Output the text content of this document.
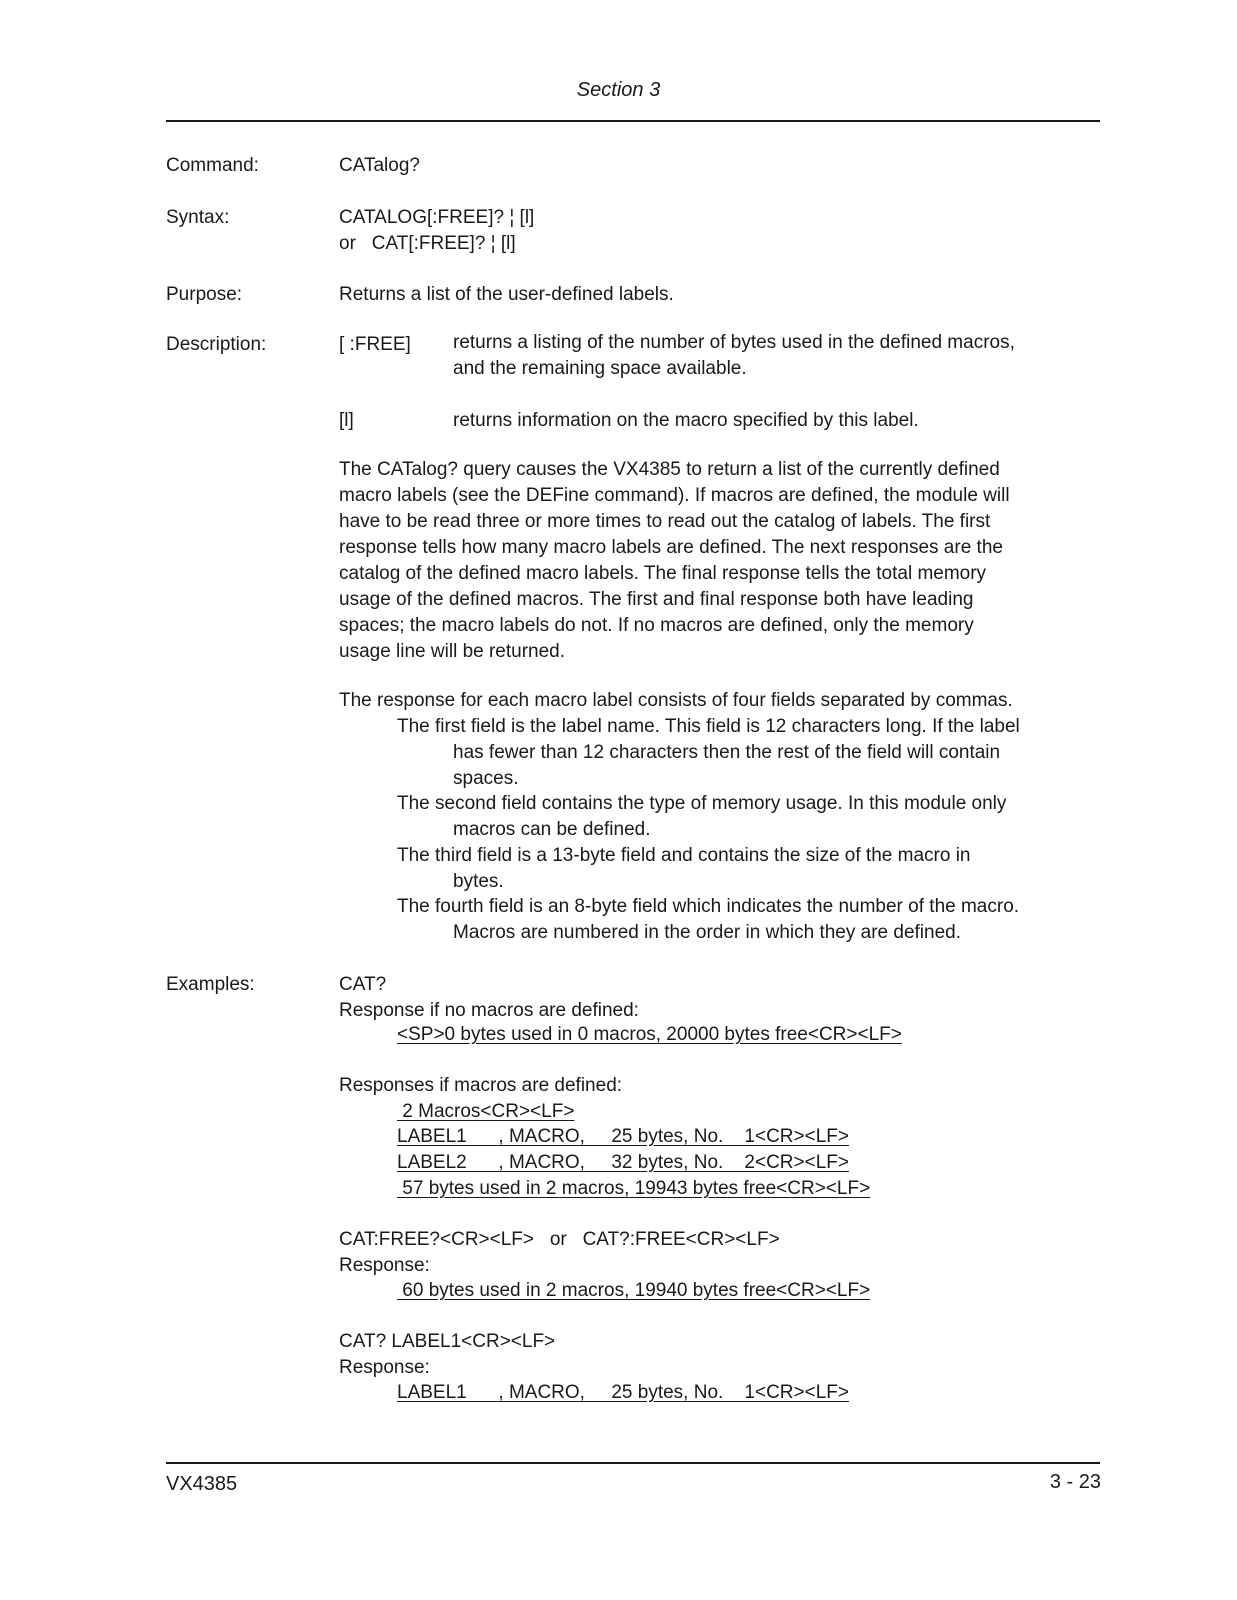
Section 3
Command:	CATalog?
Syntax:	CATALOG[:FREE]? ¦ [l]
or   CAT[:FREE]? ¦ [l]
Purpose:	Returns a list of the user-defined labels.
Description:	[ :FREE] returns a listing of the number of bytes used in the defined macros,
and the remaining space available.
[l]	returns information on the macro specified by this label.
The CATalog? query causes the VX4385 to return a list of the currently defined
macro labels (see the DEFine command). If macros are defined, the module will
have to be read three or more times to read out the catalog of labels. The first
response tells how many macro labels are defined. The next responses are the
catalog of the defined macro labels. The final response tells the total memory
usage of the defined macros. The first and final response both have leading
spaces; the macro labels do not. If no macros are defined, only the memory
usage line will be returned.
The response for each macro label consists of four fields separated by commas.
The first field is the label name. This field is 12 characters long. If the label
has fewer than 12 characters then the rest of the field will contain
spaces.
The second field contains the type of memory usage. In this module only
macros can be defined.
The third field is a 13-byte field and contains the size of the macro in
bytes.
The fourth field is an 8-byte field which indicates the number of the macro.
Macros are numbered in the order in which they are defined.
Examples:	CAT?
Response if no macros are defined:
<SP>0 bytes used in 0 macros, 20000 bytes free<CR><LF>
Responses if macros are defined:
2 Macros<CR><LF>
LABEL1      , MACRO,     25 bytes, No.    1<CR><LF>
LABEL2      , MACRO,     32 bytes, No.    2<CR><LF>
57 bytes used in 2 macros, 19943 bytes free<CR><LF>
CAT:FREE?<CR><LF>   or   CAT?:FREE<CR><LF>
Response:
60 bytes used in 2 macros, 19940 bytes free<CR><LF>
CAT? LABEL1<CR><LF>
Response:
LABEL1      , MACRO,     25 bytes, No.    1<CR><LF>
VX4385	3 - 23
